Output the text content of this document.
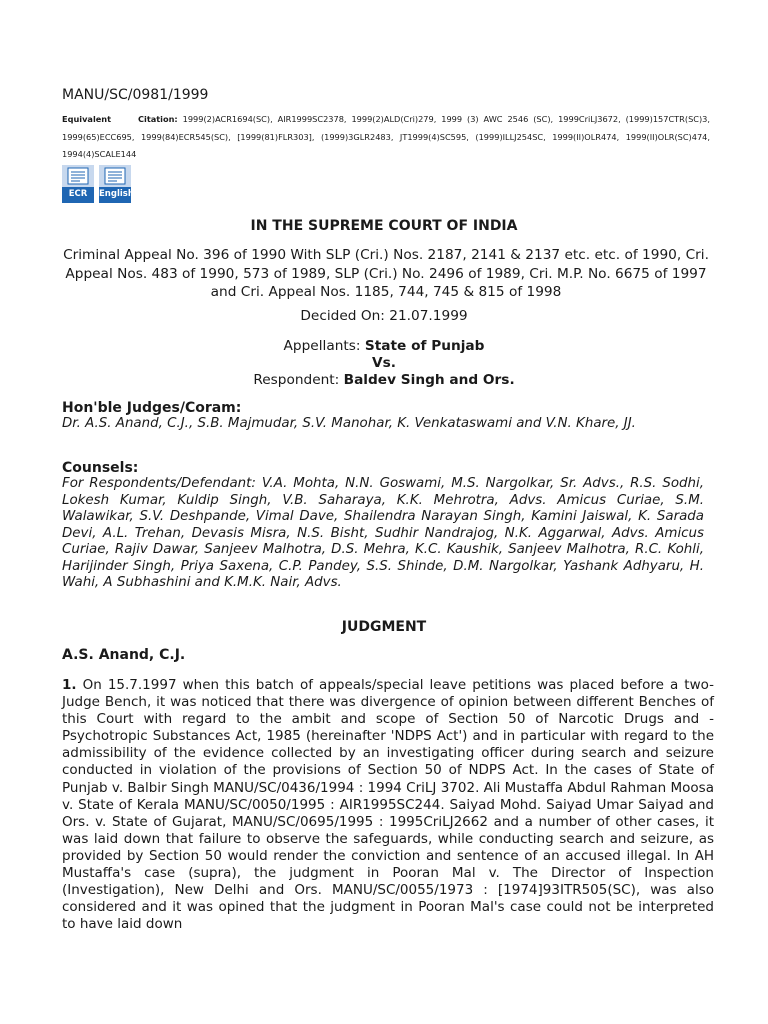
MANU/SC/0981/1999
Equivalent	Citation: 1999(2)ACR1694(SC), AIR1999SC2378, 1999(2)ALD(Cri)279, 1999 (3) AWC 2546 (SC), 1999CriLJ3672, (1999)157CTR(SC)3, 1999(65)ECC695, 1999(84)ECR545(SC), [1999(81)FLR303], (1999)3GLR2483, JT1999(4)SC595, (1999)ILLJ254SC, 1999(II)OLR474, 1999(II)OLR(SC)474, 1994(4)SCALE144
ECR	English
IN THE SUPREME COURT OF INDIA
Criminal Appeal No. 396 of 1990 With SLP (Cri.) Nos. 2187, 2141 & 2137 etc. etc. of 1990, Cri. Appeal Nos. 483 of 1990, 573 of 1989, SLP (Cri.) No. 2496 of 1989, Cri. M.P. No. 6675 of 1997 and Cri. Appeal Nos. 1185, 744, 745 & 815 of 1998
Decided On: 21.07.1999
Appellants: State of Punjab
Vs.
Respondent: Baldev Singh and Ors.
Hon'ble Judges/Coram:
Dr. A.S. Anand, C.J., S.B. Majmudar, S.V. Manohar, K. Venkataswami and V.N. Khare, JJ.
Counsels:
For Respondents/Defendant: V.A. Mohta, N.N. Goswami, M.S. Nargolkar, Sr. Advs., R.S. Sodhi, Lokesh Kumar, Kuldip Singh, V.B. Saharaya, K.K. Mehrotra, Advs. Amicus Curiae, S.M. Walawikar, S.V. Deshpande, Vimal Dave, Shailendra Narayan Singh, Kamini Jaiswal, K. Sarada Devi, A.L. Trehan, Devasis Misra, N.S. Bisht, Sudhir Nandrajog, N.K. Aggarwal, Advs. Amicus Curiae, Rajiv Dawar, Sanjeev Malhotra, D.S. Mehra, K.C. Kaushik, Sanjeev Malhotra, R.C. Kohli, Harijinder Singh, Priya Saxena, C.P. Pandey, S.S. Shinde, D.M. Nargolkar, Yashank Adhyaru, H. Wahi, A Subhashini and K.M.K. Nair, Advs.
JUDGMENT
A.S. Anand, C.J.
1. On 15.7.1997 when this batch of appeals/special leave petitions was placed before a two-Judge Bench, it was noticed that there was divergence of opinion between different Benches of this Court with regard to the ambit and scope of Section 50 of Narcotic Drugs and - Psychotropic Substances Act, 1985 (hereinafter 'NDPS Act') and in particular with regard to the admissibility of the evidence collected by an investigating officer during search and seizure conducted in violation of the provisions of Section 50 of NDPS Act. In the cases of State of Punjab v. Balbir Singh MANU/SC/0436/1994 : 1994 CriLJ 3702. Ali Mustaffa Abdul Rahman Moosa v. State of Kerala MANU/SC/0050/1995 : AIR1995SC244. Saiyad Mohd. Saiyad Umar Saiyad and Ors. v. State of Gujarat, MANU/SC/0695/1995 : 1995CriLJ2662 and a number of other cases, it was laid down that failure to observe the safeguards, while conducting search and seizure, as provided by Section 50 would render the conviction and sentence of an accused illegal. In AH Mustaffa's case (supra), the judgment in Pooran Mal v. The Director of Inspection (Investigation), New Delhi and Ors. MANU/SC/0055/1973 : [1974]93ITR505(SC), was also considered and it was opined that the judgment in Pooran Mal's case could not be interpreted to have laid down
